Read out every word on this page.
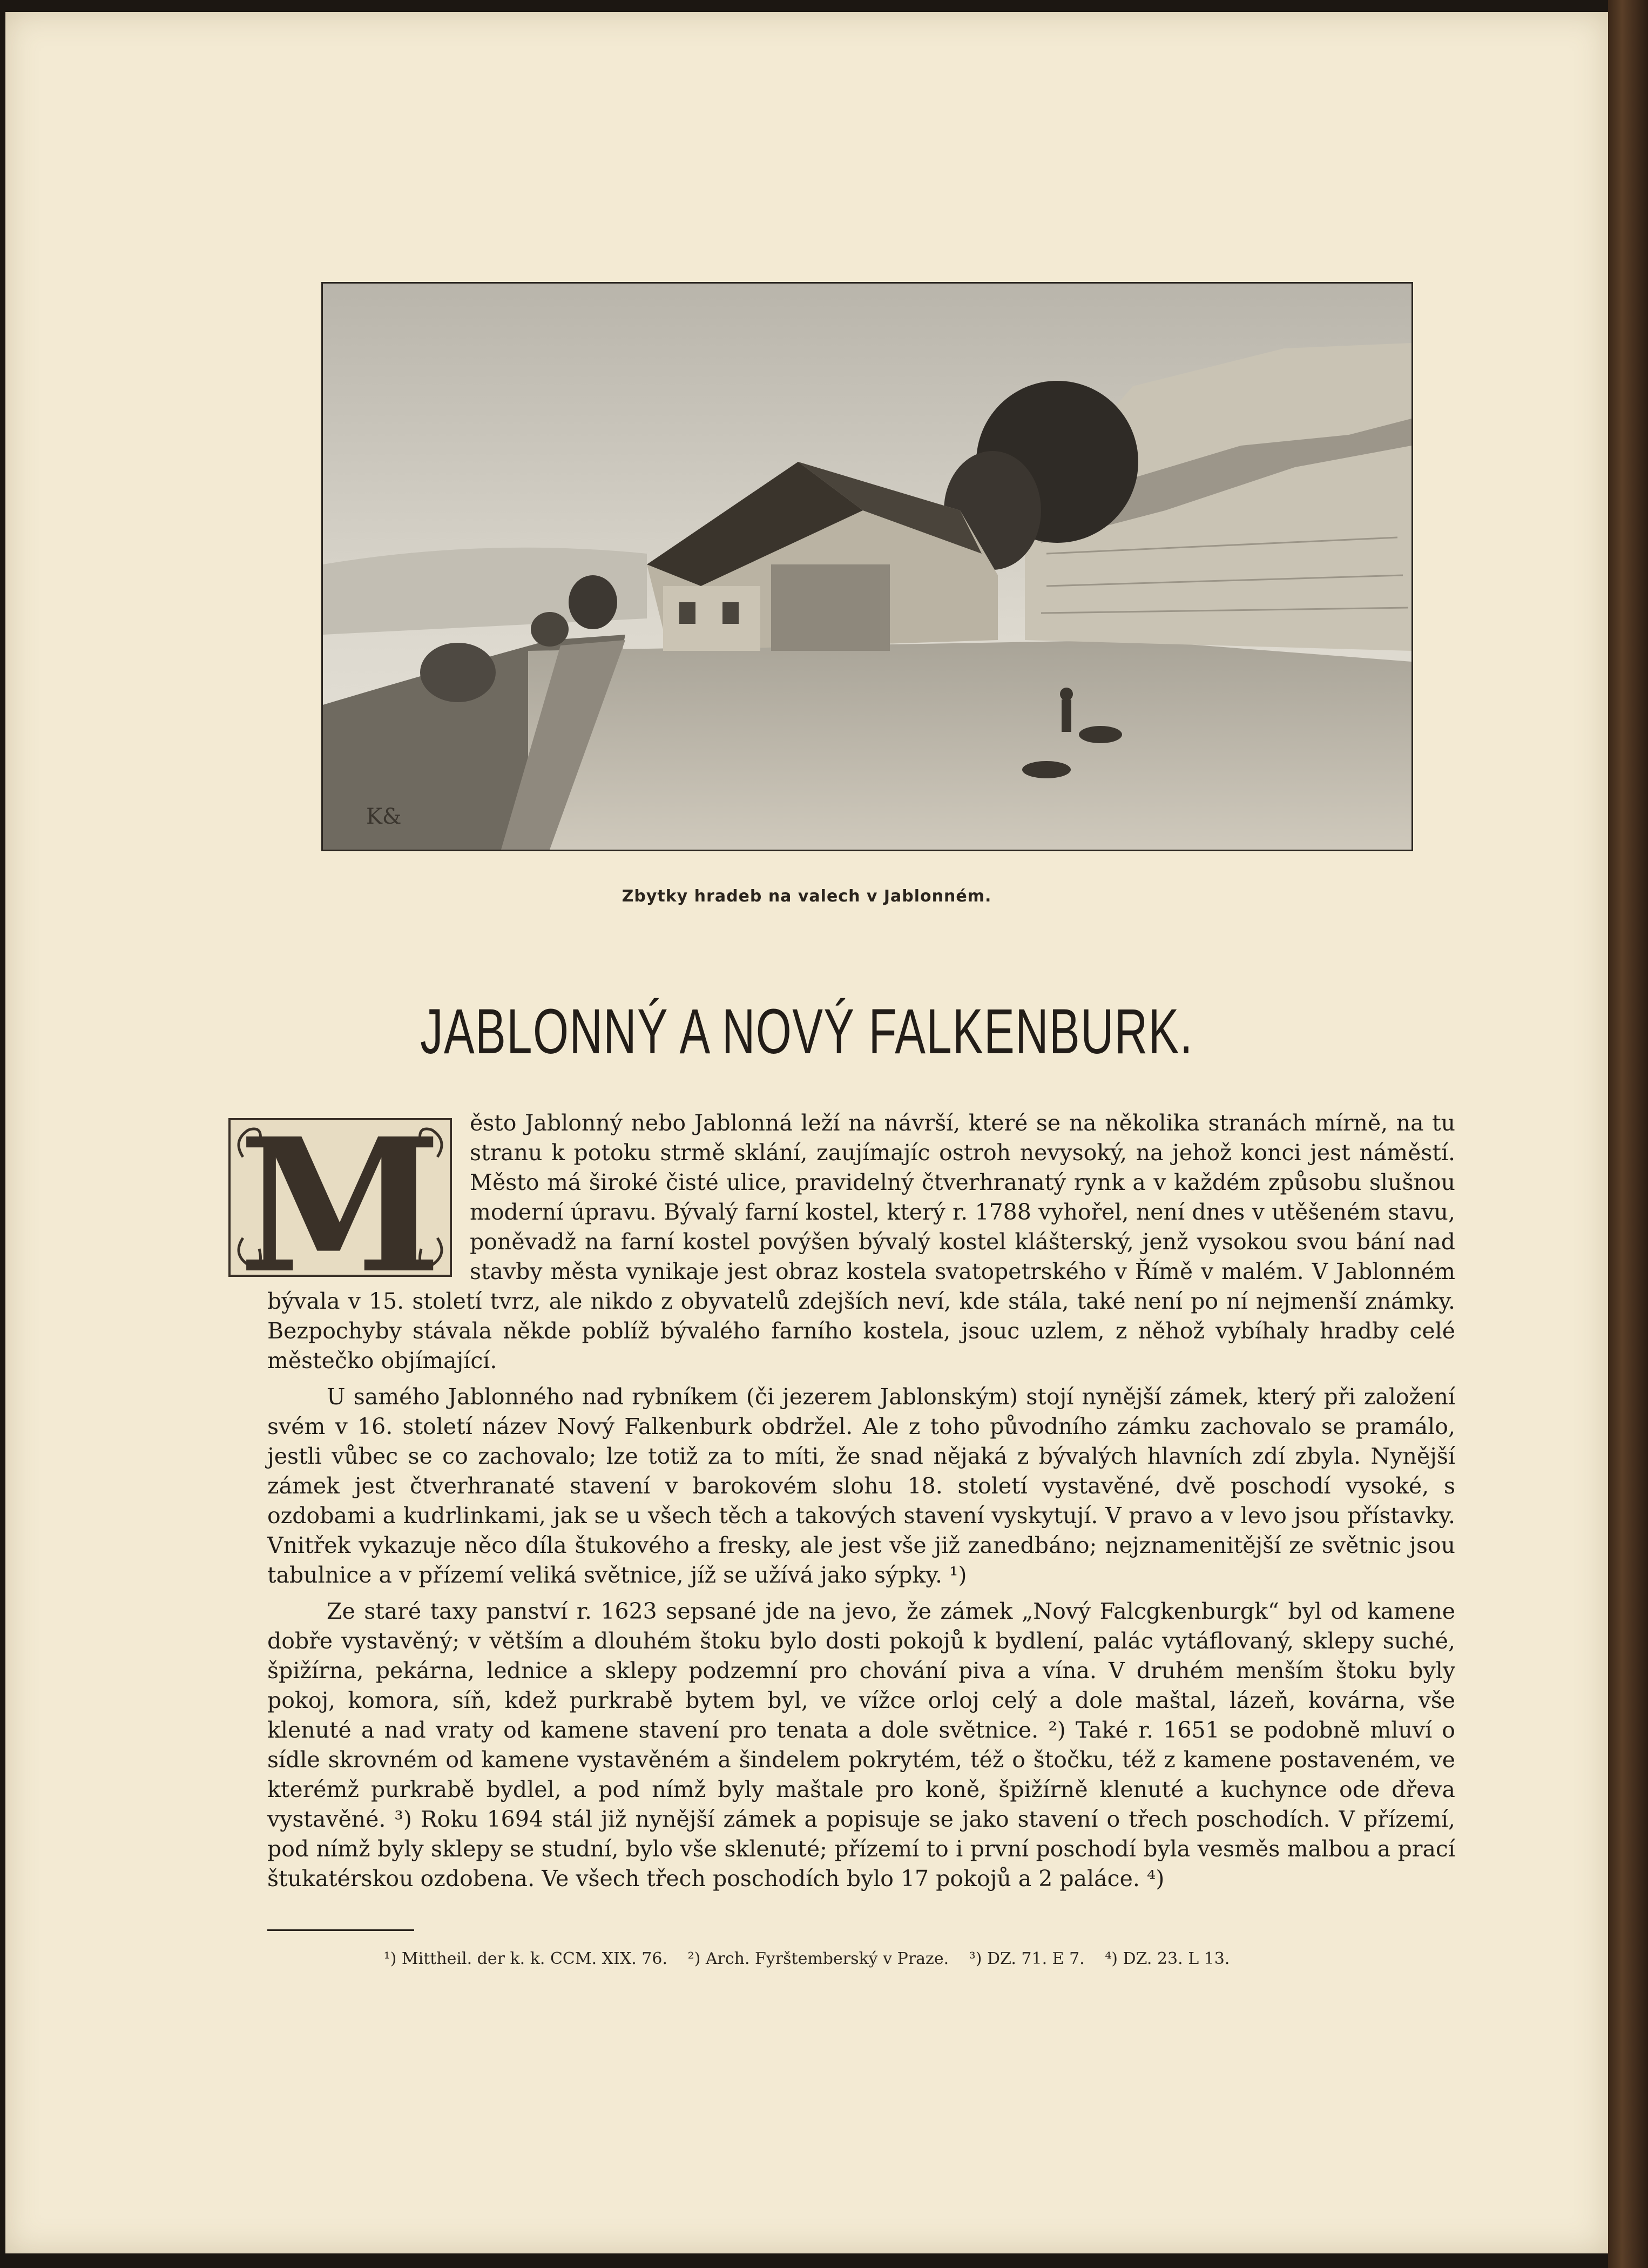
K&
Zbytky hradeb na valech v Jablonném.
JABLONNÝ A NOVÝ FALKENBURK.
M	ěsto Jablonný nebo Jablonná leží na návrší, které se na několika stranách mírně, na tu stranu k potoku strmě sklání, zaujímajíc ostroh nevysoký, na jehož konci jest náměstí. Město má široké čisté ulice, pravidelný čtverhranatý rynk a v každém způsobu slušnou moderní úpravu. Bývalý farní kostel, který r. 1788 vyhořel, není dnes v utěšeném stavu, poněvadž na farní kostel povýšen bývalý kostel klášterský, jenž vysokou svou bání nad stavby města vynikaje jest obraz kostela svatopetrského v Římě v malém. V Jablonném bývala v 15. století tvrz, ale nikdo z obyvatelů zdejších neví, kde stála, také není po ní nejmenší známky. Bezpochyby stávala někde poblíž bývalého farního kostela, jsouc uzlem, z něhož vybíhaly hradby celé městečko objímající.

U samého Jablonného nad rybníkem (či jezerem Jablonským) stojí nynější zámek, který při založení svém v 16. století název Nový Falkenburk obdržel. Ale z toho původního zámku zachovalo se pramálo, jestli vůbec se co zachovalo; lze totiž za to míti, že snad nějaká z bývalých hlavních zdí zbyla. Nynější zámek jest čtverhranaté stavení v barokovém slohu 18. století vystavěné, dvě poschodí vysoké, s ozdobami a kudrlinkami, jak se u všech těch a takových stavení vyskytují. V pravo a v levo jsou přístavky. Vnitřek vykazuje něco díla štukového a fresky, ale jest vše již zanedbáno; nejznamenitější ze světnic jsou tabulnice a v přízemí veliká světnice, jíž se užívá jako sýpky. ¹)

Ze staré taxy panství r. 1623 sepsané jde na jevo, že zámek „Nový Falcgkenburgk“ byl od kamene dobře vystavěný; v větším a dlouhém štoku bylo dosti pokojů k bydlení, palác vytáflovaný, sklepy suché, špižírna, pekárna, lednice a sklepy podzemní pro chování piva a vína. V druhém menším štoku byly pokoj, komora, síň, kdež purkrabě bytem byl, ve vížce orloj celý a dole maštal, lázeň, kovárna, vše klenuté a nad vraty od kamene stavení pro tenata a dole světnice. ²) Také r. 1651 se podobně mluví o sídle skrovném od kamene vystavěném a šindelem pokrytém, též o štočku, též z kamene postaveném, ve kterémž purkrabě bydlel, a pod nímž byly maštale pro koně, špižírně klenuté a kuchynce ode dřeva vystavěné. ³) Roku 1694 stál již nynější zámek a popisuje se jako stavení o třech poschodích. V přízemí, pod nímž byly sklepy se studní, bylo vše sklenuté; přízemí to i první poschodí byla vesměs malbou a prací štukatérskou ozdobena. Ve všech třech poschodích bylo 17 pokojů a 2 paláce. ⁴)

¹) Mittheil. der k. k. CCM. XIX. 76. ²) Arch. Fyrštemberský v Praze. ³) DZ. 71. E 7. ⁴) DZ. 23. L 13.
